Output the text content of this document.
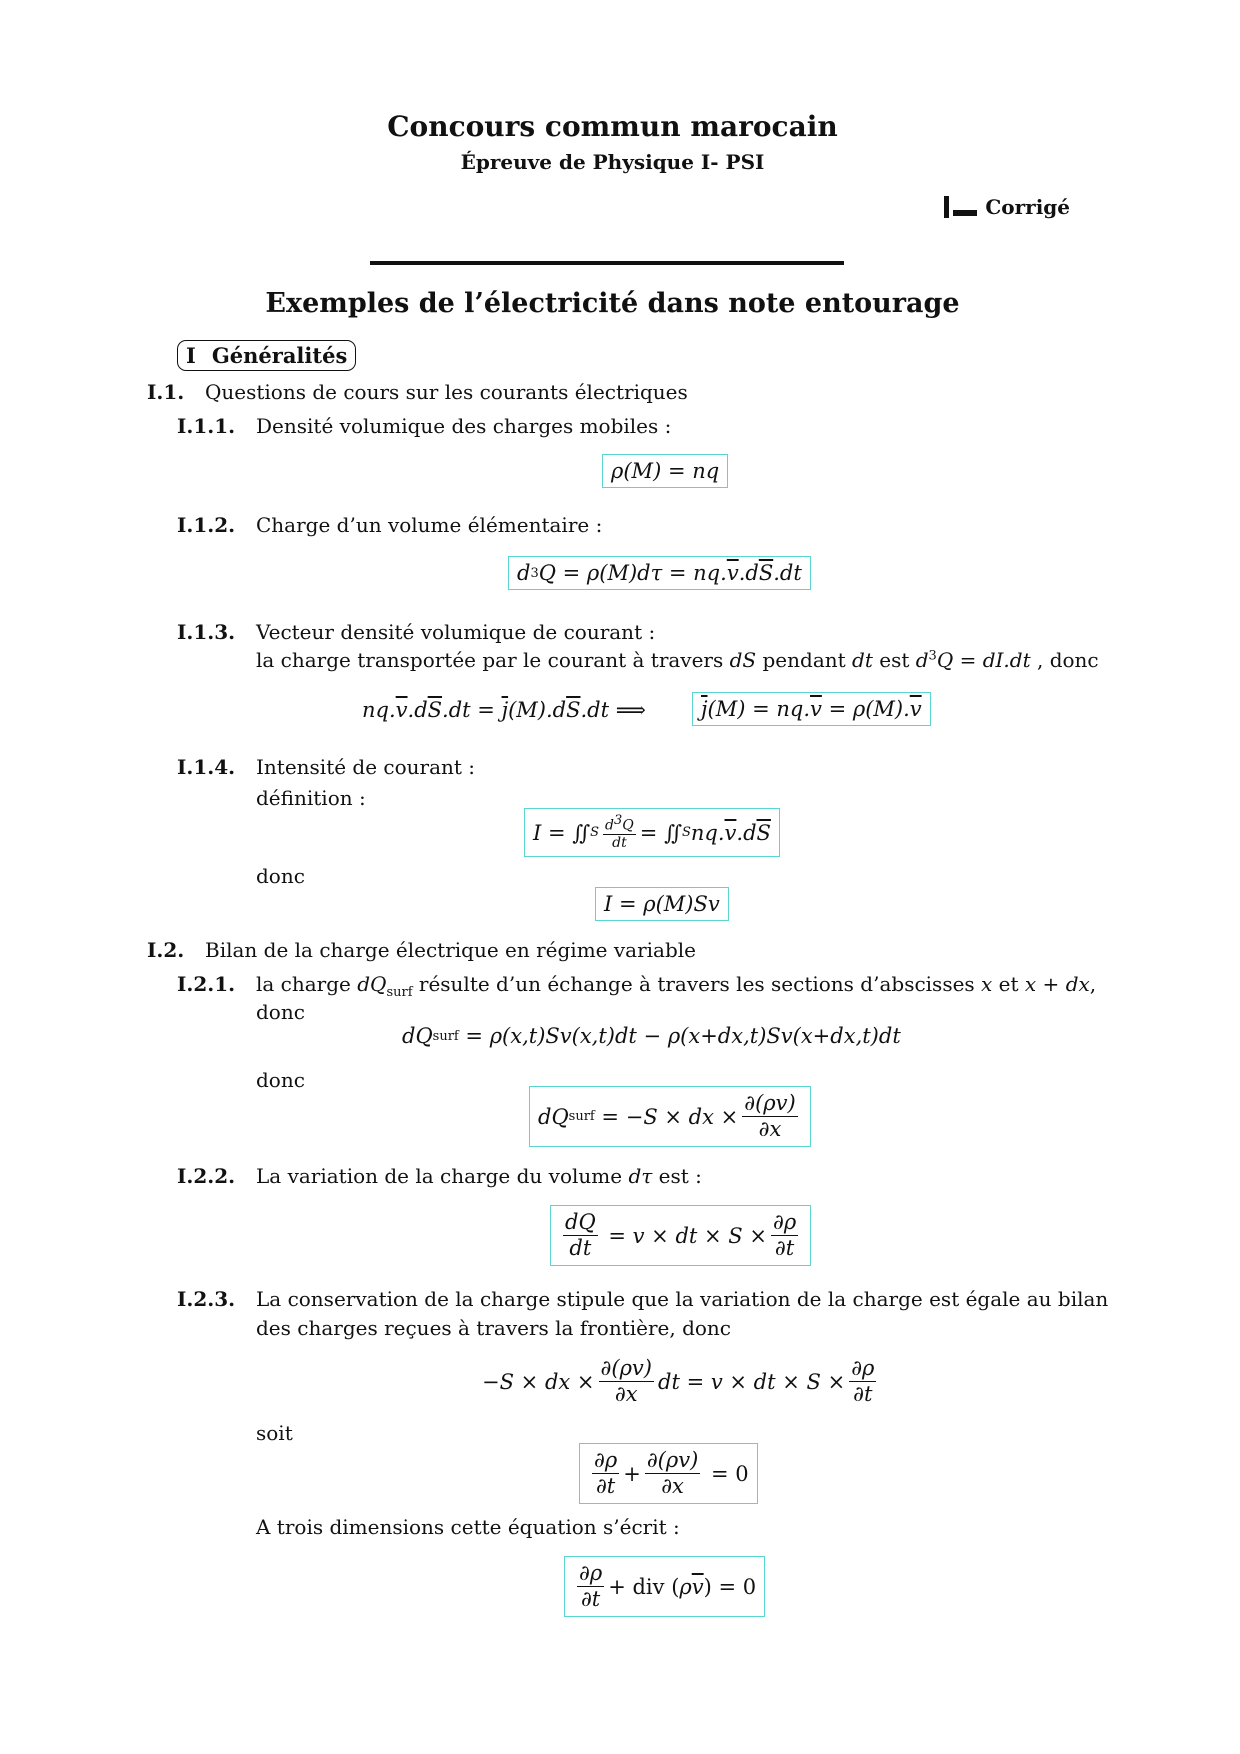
Concours commun marocain
Épreuve de Physique I- PSI
Corrigé
Exemples de l’électricité dans note entourage
I Généralités
I.1. Questions de cours sur les courants électriques
I.1.1. Densité volumique des charges mobiles :
ρ( M ) = nq
I.1.2. Charge d’un volume élémentaire :
d 3 Q = ρ(M)dτ = nq. $\overline{v}$ .d $\overline{S}$ .dt
I.1.3. Vecteur densité volumique de courant :
la charge transportée par le courant à travers dS pendant dt est $d^3Q = dI.dt$ , donc
nq. $\overline{v}$ .d $\overline{S}$ $.dt = \overline{j}$ (M).d $\overline{S}$ .dt ⟹	$\overline{j}$ (M) = nq. $\overline{v} = \rho(M)$. $\overline{v}$
I.1.4. Intensité de courant :
définition :
I = ∬ S $\frac{d^3Q}{dt}$ = ∬ S nq. $\overline{v}$ .d $\overline{S}$
donc
I = ρ(M)Sv
I.2. Bilan de la charge électrique en régime variable
I.2.1. la charge $dQ_{surf}$ résulte d’un échange à travers les sections d’abscisses x et x + dx,
donc
dQ surf = ρ(x,t)Sv(x,t)dt − ρ(x+dx,t)Sv(x+dx,t)dt
donc
dQ surf = − S × dx × $\frac{\partial(\rho v)}{\partial x}$
I.2.2. La variation de la charge du volume dτ est :
$\frac{dQ}{dt} = v$ × dt × $S \times \frac{\partial\rho}{\partial t}$
I.2.3. La conservation de la charge stipule que la variation de la charge est égale au bilan
des charges reçues à travers la frontière, donc
− S × dx × $\frac{\partial(\rho v)}{\partial x}$ dt = v × dt × $S \times \frac{\partial\rho}{\partial t}$
soit
$\frac{\partial\rho}{\partial t} + \frac{\partial(\rho v)}{\partial x} = 0$
A trois dimensions cette équation s’écrit :
$\frac{\partial\rho}{\partial t}$ + div ( ρ $\overline{v}$ ) = 0
